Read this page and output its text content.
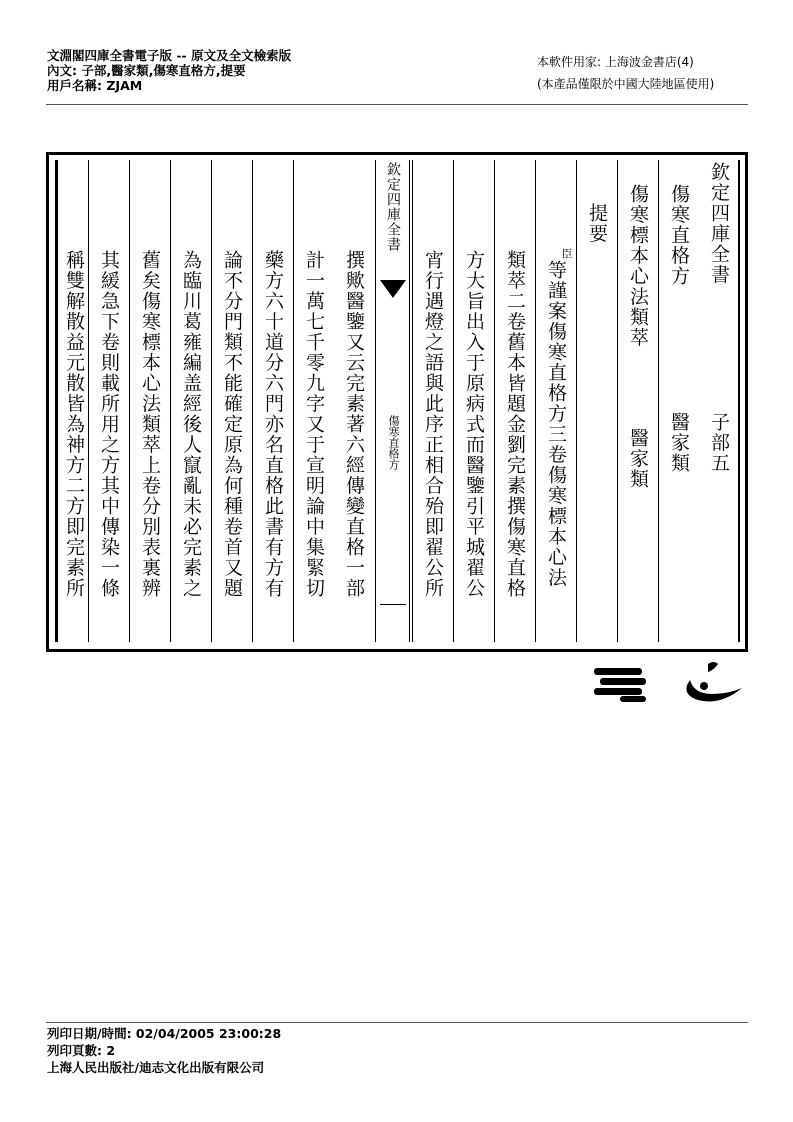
文淵閣四庫全書電子版 -- 原文及全文檢索版
內文: 子部,醫家類,傷寒直格方,提要
用戶名稱: ZJAM
本軟件用家: 上海波金書店(4)
(本產品僅限於中國大陸地區使用)
欽定四庫全書
子部五
傷寒直格方
醫家類
傷寒標本心法類萃
醫家類
提要
臣
等謹案傷寒直格方三卷傷寒標本心法
類萃二卷舊本皆題金劉完素撰傷寒直格
方大旨出入于原病式而醫鑒引平城翟公
宵行遇燈之語與此序正相合殆即翟公所
欽定四庫全書
傷寒直格方
撰歟醫鑒又云完素著六經傳變直格一部
計一萬七千零九字又于宣明論中集緊切
藥方六十道分六門亦名直格此書有方有
論不分門類不能確定原為何種卷首又題
為臨川葛雍編盖經後人竄亂未必完素之
舊矣傷寒標本心法類萃上卷分別表裏辨
其緩急下卷則載所用之方其中傳染一條
稱雙解散益元散皆為神方二方即完素所
列印日期/時間: 02/04/2005 23:00:28
列印頁數: 2
上海人民出版社/迪志文化出版有限公司
